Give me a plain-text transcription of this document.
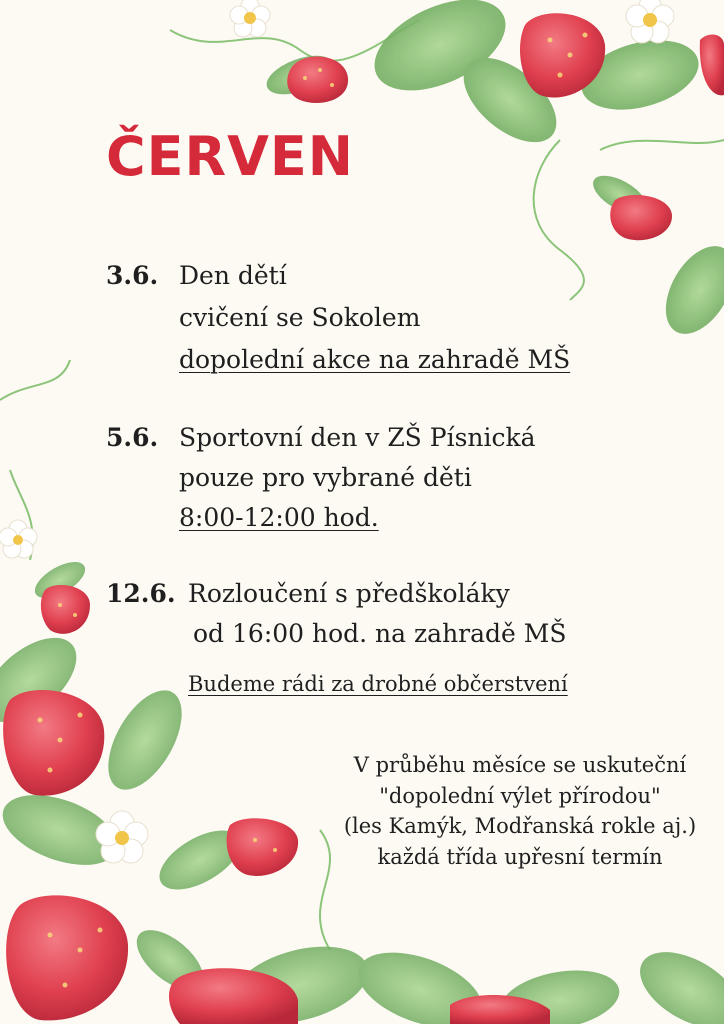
ČERVEN
3.6. Den dětí
cvičení se Sokolem
dopolední akce na zahradě MŠ
5.6. Sportovní den v ZŠ Písnická
pouze pro vybrané děti
8:00-12:00 hod.
12.6. Rozloučení s předškoláky
od 16:00 hod. na zahradě MŠ
Budeme rádi za drobné občerstvení
V průběhu měsíce se uskuteční
"dopolední výlet přírodou"
(les Kamýk, Modřanská rokle aj.)
každá třída upřesní termín
